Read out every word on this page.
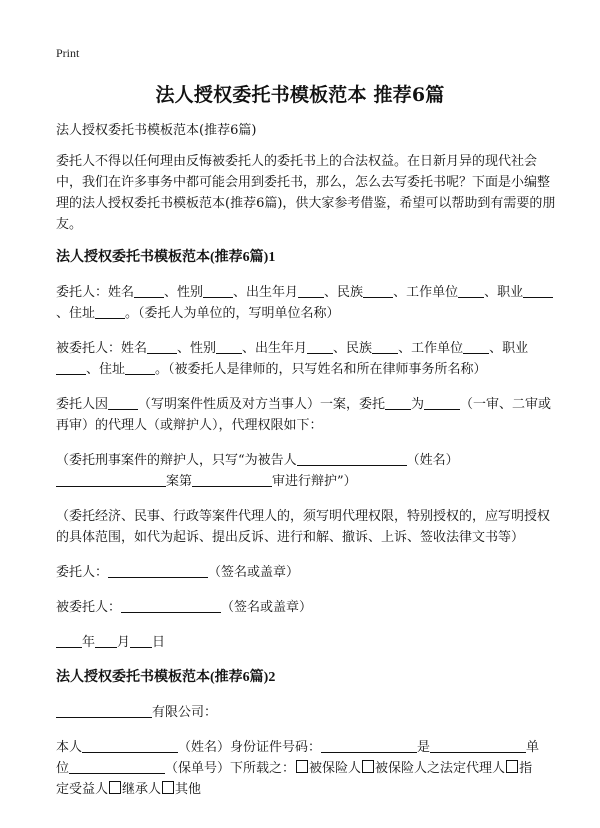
Print
法人授权委托书模板范本 推荐6篇

法人授权委托书模板范本(推荐6篇)

委托人不得以任何理由反悔被委托人的委托书上的合法权益。在日新月异的现代社会中，我们在许多事务中都可能会用到委托书，那么，怎么去写委托书呢？下面是小编整理的法人授权委托书模板范本(推荐6篇)，供大家参考借鉴，希望可以帮助到有需要的朋友。

法人授权委托书模板范本(推荐6篇)1

委托人：姓名 、性别 、出生年月 、民族 、工作单位 、职业、住址 。（委托人为单位的，写明单位名称）

被委托人：姓名 、性别 、出生年月 、民族 、工作单位 、职业、住址 。（被委托人是律师的，只写姓名和所在律师事务所名称）

委托人因 （写明案件性质及对方当事人）一案，委托 为	（一审、二审或再审）的代理人（或辩护人），代理权限如下：

（委托刑事案件的辩护人，只写“为被告人	（姓名）案第	审进行辩护”）

（委托经济、民事、行政等案件代理人的，须写明代理权限，特别授权的，应写明授权的具体范围，如代为起诉、提出反诉、进行和解、撤诉、上诉、签收法律文书等）

委托人：	（签名或盖章）

被委托人：	（签名或盖章）

年 月 日

法人授权委托书模板范本(推荐6篇)2

有限公司：

本人	（姓名）身份证件号码：	是	单
位	（保单号）下所载之： 被保险人 被保险人之法定代理人 指
定受益人 继承人 其他
